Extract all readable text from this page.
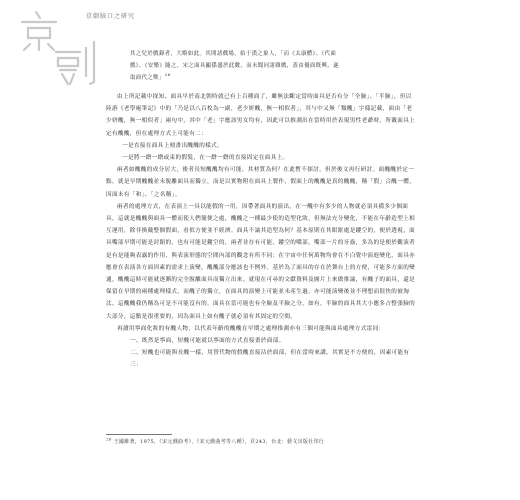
京劇臉口之研究

其之兒於戲錄者，大略如此。其間諸戲場，始于漢之象人，「而《太康體》、《代面

戲》、《安樂》隨之，宋之面具顯係盛於此數，而未聞同諸雜戲，蓋由優面既興，遂

取面代之歟」$^{26}$

由上所記載中探知，面具早於南北朝時就已有上百種面了，雖無法斷定當時面具是否有分「全臉」、「半臉」，但以陸游《老學庵筆記》中的「乃是以八百枚為一副，老少妍醜，無一相似者」，其与中又無「類醜」字樣記載，面由「老少妍醜，無一相似者」兩句中，其中「老」字應該男女均有，因此可以推測出在當時用於表現男性老爺時，所戴面具上定有醜醜，但在處理方式上可能有二：

一是直接在面具上刻畫出醜醜的樣式。

一是將一綹一綹或束的假髮，在一綹一綹的直接固定在面具上。

兩者如醜醜的成分居大，後者長短醜醜均有可能，其材質為何？在此暫不探討，但於後文再行研討。面醜醜於定一點，就是早期醜醜並未脫離面具而獨立，而是以實物附在面具上製作，假面上的醜醜是真的醜醜，稱「假」合醜一體，因面未有「和」、「之名稱」。

兩者的處理方式，在表演上一具以能假的一用，因帶著面具的演出，在一醜中有多少的人物就必須具備多少個面具，這就是醜醜與面具一體而使人們簡便之處，醜醜之一種最少使的造型化妝，但無法充分變化，不能在年齡造型上相互運用，除非換戴整個假面，看似方便並不經濟。面具不論其造型為何？基本原則在其眼眶處是鏤空的，便於透視，面具嘴部早期可能是封閉的，也有可能是鏤空的，兩者並存有可能，鏤空的嘴部，嘴部一片的牙齒，多為的是便於觀演者是有是能夠表露的作用，與表演形態的空間內部的觀念有所不同：在宇宙中任何萬物均會在不白覺中演進變化，面具亦應會在表演各方面因素的需求上演變，醜醜部分應該也不例外。基於為了面具的存在於舞台上的方便，可能多方面的變通，醜醜這時可能就逐漸的完全脫離面具而獨立出來。就現在可尋的文獻資料及圖片上來做推論，有醜子的面具，還是保留在早期的兩種處理樣式，而醜子的獨立，在面具的演變上可能並未產生過，亦可能演變後並不理想而很快的被淘汰，這醜醜我仍稱為可是不可能沒有的。面具在當可能也有全臉及半臉之分，如有，半臉的面具其大小應多占整張臉的大部分，這點是很重要的，因為面具上如有醜子就必須有其固定的空間。

再讀用寧面化妝的有醜人物，以代表年齡的醜醜在早期之處理推測亦有三個可能與面具處理方式雷同：

一、既然是寧面，短醜可能就以寧面的方式直接畫於面部。

二、短醜也可能與長醜一樣，用替代物的假醜直接沾於面部，但在當時來講，其實是不方便的，因素可能有三：

$^{26}$ 王國維著，1975，《宋元戲曲考》，《宋元戲曲考等八種》，頁243，台北：藝文出版社印行
